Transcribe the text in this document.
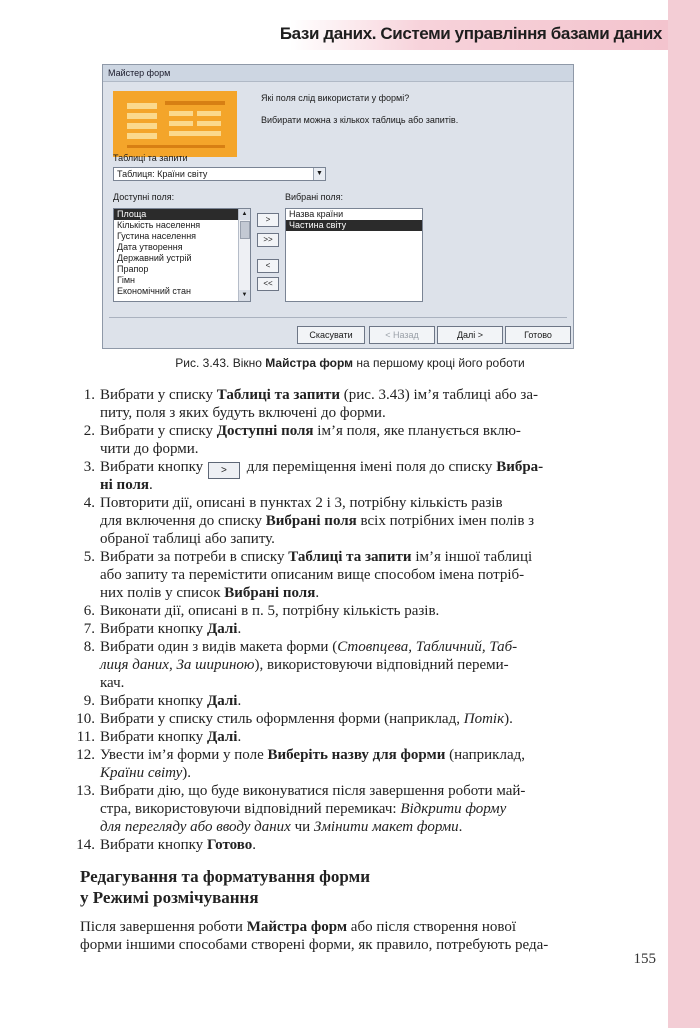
Бази даних. Системи управління базами даних
Майстер форм
Які поля слід використати у формі?
Вибирати можна з кількох таблиць або запитів.
Таблиці та запити
Таблиця: Країни світу	▼
Доступні поля:
Площа
Кількість населення
Густина населення
Дата утворення
Державний устрій
Прапор
Гімн
Економічний стан
▲
▼
>
>>
<
<<
Вибрані поля:
Назва країни
Частина світу
Скасувати	< Назад	Далі >	Готово
Рис. 3.43. Вікно Майстра форм на першому кроці його роботи
1. Вибрати у списку Таблиці та запити (рис. 3.43) ім’я таблиці або за-
питу, поля з яких будуть включені до форми.
2. Вибрати у списку Доступні поля ім’я поля, яке планується вклю-
чити до форми.
3. Вибрати кнопку > для переміщення імені поля до списку Вибра-
ні поля.
4. Повторити дії, описані в пунктах 2 і 3, потрібну кількість разів
для включення до списку Вибрані поля всіх потрібних імен полів з
обраної таблиці або запиту.
5. Вибрати за потреби в списку Таблиці та запити ім’я іншої таблиці
або запиту та перемістити описаним вище способом імена потріб-
них полів у список Вибрані поля.
6. Виконати дії, описані в п. 5, потрібну кількість разів.
7. Вибрати кнопку Далі.
8. Вибрати один з видів макета форми (Стовпцева, Табличний, Таб-
лиця даних, За шириною), використовуючи відповідний переми-
кач.
9. Вибрати кнопку Далі.
10. Вибрати у списку стиль оформлення форми (наприклад, Потік).
11. Вибрати кнопку Далі.
12. Увести ім’я форми у поле Виберіть назву для форми (наприклад,
Країни світу).
13. Вибрати дію, що буде виконуватися після завершення роботи май-
стра, використовуючи відповідний перемикач: Відкрити форму
для перегляду або вводу даних чи Змінити макет форми.
14. Вибрати кнопку Готово.
Редагування та форматування форми
у Режимі розмічування
Після завершення роботи Майстра форм або після створення нової
форми іншими способами створені форми, як правило, потребують реда-
155
